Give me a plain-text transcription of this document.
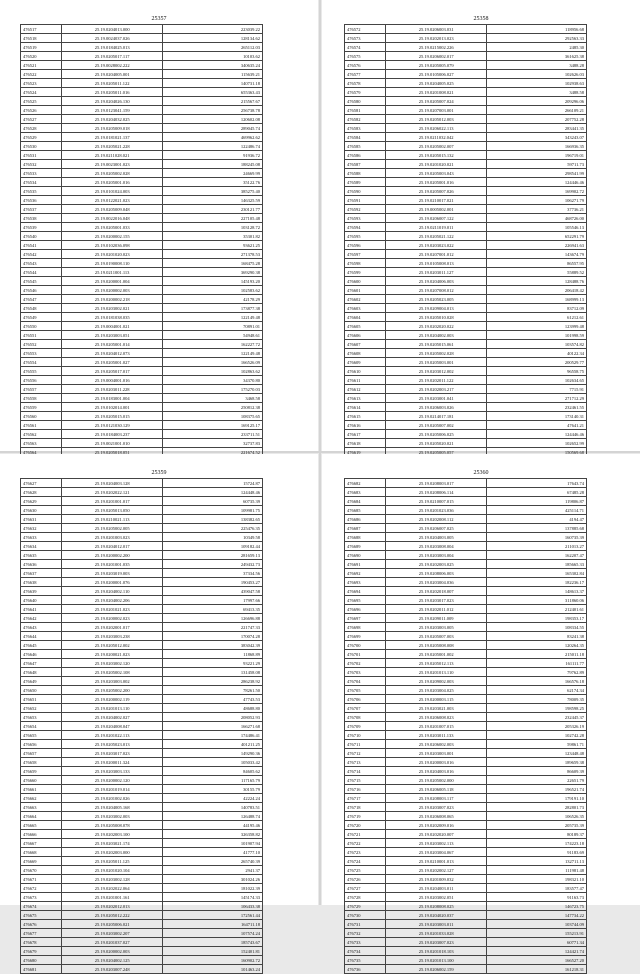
25357
476517	25.19.0204013.000	223039.22
476518	25.19.0024037.026	128134.62
476519	25.19.0184025.013	265112.03
476520	25.19.0205017.117	10103.62
476521	25.19.0028002.222	340635.24
476522	25.19.0204005.001	115639.21
476523	25.19.0205011.122	140731.18
476524	25.19.0205011.016	655363.43
476525	25.19.0204026.130	215567.67
476526	25.19.0123041.159	256738.78
476527	25.19.0204032.025	120602.08
476528	25.19.0205009.018	289045.74
476529	25.19.0181021.137	469962.62
476530	25.19.0205021.228	122486.74
476531	25.19.0211028.021	91936.72
476532	25.19.0023001.023	188245.08
476533	25.19.0205002.028	24669.99
476534	25.19.0205001.016	35122.76
476535	25.19.0101024.003	385275.40
476536	25.19.0122021.023	146325.59
476537	25.19.0205009.048	230121.77
476538	25.19.0022016.048	227105.48
476539	25.19.0205001.033	103128.72
476540	25.19.0200002.155	35301.82
476541	25.19.0102036.098	93621.25
476542	25.19.0201020.023	271378.53
476543	25.19.0190008.110	168475.28
476544	25.19.0211001.113	369290.38
476545	25.19.0200001.004	145193.20
476546	25.19.0200002.003	102583.62
476547	25.19.0200002.218	42178.29
476548	25.19.0203002.021	173877.38
476549	25.19.0181038.035	122149.48
476550	25.19.0004001.021	70891.01
476551	25.19.0203003.051	54948.61
476552	25.19.0205001.014	162227.72
476553	25.19.0204012.073	122149.48
476554	25.19.0205001.027	166526.09
476555	25.19.0205017.017	102863.62
476556	25.19.0004001.016	34370.80
476557	25.19.0203011.228	175270.03
476558	25.19.0183001.004	3468.58
476559	25.19.0102014.001	250812.38
476560	25.19.0205015.015	108375.65
476561	25.19.0121030.129	169125.17
476562	25.19.0184003.237	233711.51
476563	25.19.0021001.010	32737.83
476564	25.19.0205018.051	221674.52

25358
476572	25.19.0206003.031	118956.68
476573	25.19.0202013.023	292563.33
476574	25.19.0215002.226	2485.30
476575	25.19.0206002.017	361625.38
476576	25.19.0205005.079	3488.28
476577	25.19.0105006.027	102626.03
476578	25.19.0204005.025	102938.63
476579	25.19.0201008.021	3488.58
476580	25.19.0205007.024	209296.06
476581	25.19.0207003.001	266109.21
476582	25.19.0205012.003	207752.28
476583	25.19.0206022.113	283441.35
476584	25.19.0211032.042	343243.07
476585	25.19.0205002.007	166936.35
476586	25.19.0205015.132	196719.01
476587	25.19.0201020.021	59711.73
476588	25.19.0205003.043	298541.99
476589	25.19.0205001.016	124446.46
476590	25.19.0205007.026	169902.72
476591	25.19.0210017.021	106271.79
476592	25.19.0005002.001	37736.21
476593	25.19.0206007.122	468726.00
476594	25.19.0211019.011	105546.13
476595	25.19.0205021.122	652291.79
476596	25.19.0203023.022	226941.63
476597	25.19.0207001.012	143674.79
476598	25.19.0105008.013	86557.95
476599	25.19.0203011.127	55889.52
476600	25.19.0204006.003	128488.76
476601	25.19.0207008.012	206418.42
476602	25.19.0205023.005	168999.13
476603	25.19.0209004.013	83712.09
476604	25.19.0205010.028	61212.61
476605	25.19.0202020.022	123999.48
476606	25.19.0204002.003	101998.59
476607	25.19.0205015.061	103574.82
476608	25.19.0205002.028	40122.34
476609	25.19.0205003.001	200529.77
476610	25.19.0203012.002	96558.75
476611	25.19.0202011.122	102634.65
476612	25.19.0202003.217	7715.91
476613	25.19.0203001.041	271712.29
476614	25.19.0206003.026	232461.55
476615	25.19.0214017.181	173140.31
476616	25.19.0205007.002	47641.21
476617	25.19.0205006.025	124446.46
476618	25.19.0205020.021	102652.99
476619	25.19.0205005.057	150569.68

25359
476627	25.19.0204003.128	15724.87
476628	25.19.0202022.121	124448.46
476629	25.19.0201001.017	60735.39
476630	25.19.0205013.050	109981.75
476631	25.19.0210021.113	138382.65
476632	25.19.0205002.005	225476.35
476633	25.19.0201003.023	10349.58
476634	25.19.0204012.017	109182.44
476635	25.19.0200002.200	281659.13
476636	25.19.0201001.035	249432.73
476637	25.19.0203019.003	37334.56
476638	25.19.0200001.076	190453.27
476639	25.19.0204002.110	439047.58
476640	25.19.0204002.206	17997.66
476641	25.19.0201021.023	69413.35
476642	25.19.0200002.023	126696.88
476643	25.19.0202001.017	221747.33
476644	25.19.0203003.238	170074.28
476645	25.19.0205012.002	383042.39
476646	25.19.0200021.023	11868.89
476647	25.19.0203002.120	93221.29
476648	25.19.0205002.108	131458.08
476649	25.19.0203003.002	286238.92
476650	25.19.0205002.200	78261.50
476651	25.19.0200002.119	47743.53
476652	25.19.0201013.110	48688.80
476653	25.19.0204002.027	208052.93
476654	25.19.0204008.047	166271.68
476655	25.19.0201022.113	174486.41
476656	25.19.0205023.013	401211.25
476657	25.19.0203017.023	149290.36
476658	25.19.0200011.324	105033.42
476659	25.19.0203003.133	84605.62
476660	25.19.0200002.120	117165.79
476661	25.19.0201019.014	30155.79
476662	25.19.0201002.026	42224.24
476663	25.19.0204005.168	140783.51
476664	25.19.0203002.003	126488.74
476665	25.19.0205008.078	44195.46
476666	25.19.0202003.100	326358.82
476667	25.19.0203021.174	101907.94
476668	25.19.0202003.000	41777.10
476669	25.19.0205011.125	265740.39
476670	25.19.0201020.104	2941.37
476671	25.19.0203002.128	301024.26
476672	25.19.0202022.064	181022.39
476673	25.19.0201001.161	145174.33
476674	25.19.0202012.013	106433.38
476675	25.19.0205012.222	172561.44
476676	25.19.0205006.021	164711.18
476677	25.19.0203002.207	107574.24
476678	25.19.0201037.027	185743.67
476679	25.19.0200002.003	152401.81
476680	25.19.0204002.125	160902.72
476681	25.19.0203007.248	101463.24
25360
476682	25.19.0208003.017	17643.74
476683	25.19.0208006.114	67485.28
476684	25.19.0210007.015	119806.87
476685	25.19.0201023.036	425114.71
476686	25.19.0202008.112	4194.47
476687	25.19.0206007.025	137885.68
476688	25.19.0204003.005	160735.39
476689	25.19.0203008.004	211013.27
476690	25.19.0203003.004	162207.47
476691	25.19.0202003.025	185665.33
476692	25.19.0208006.003	165302.84
476693	25.19.0203004.036	182236.17
476694	25.19.0202018.007	148613.37
476695	25.19.0203017.023	311860.06
476696	25.19.0202011.012	212401.61
476697	25.19.0209011.009	198353.17
476698	25.19.0203003.005	108334.55
476699	25.19.0205007.003	83241.38
476700	25.19.0205008.008	120264.35
476701	25.19.0205001.002	215011.18
476702	25.19.0205012.113	161111.77
476703	25.19.0201013.110	79762.89
476704	25.19.0209002.003	166576.18
476705	25.19.0203004.025	62174.34
476706	25.19.0200003.115	78009.35
476707	25.19.0203021.003	198598.25
476708	25.19.0206008.023	232445.37
476709	25.19.0201007.015	205326.19
476710	25.19.0203011.133	102742.28
476711	25.19.0206002.003	59861.71
476712	25.19.0203003.001	123448.48
476713	25.19.0200003.016	189659.38
476714	25.19.0204003.016	86609.39
476715	25.19.0205002.000	22651.79
476716	25.19.0206005.118	196521.74
476717	25.19.0208003.117	179191.10
476718	25.19.0203007.023	282801.73
476719	25.19.0206008.065	106526.35
476720	25.19.0202009.016	205735.39
476721	25.19.0202020.007	80189.37
476722	25.19.0203002.113	174223.18
476723	25.19.0203004.067	91183.69
476724	25.19.0210001.013	132711.13
476725	25.19.0202002.127	111981.48
476726	25.19.0201009.032	198321.10
476727	25.19.0204003.011	183577.47
476728	25.19.0203002.051	91163.73
476729	25.19.0208008.025	146723.75
476730	25.19.0204020.037	147734.22
476731	25.19.0203003.011	103744.09
476732	25.19.0201033.028	155213.91
476733	25.19.0203007.023	60771.34
476734	25.19.0201018.103	124421.74
476735	25.19.0201013.100	166527.20
476736	25.19.0206002.159	161218.31
